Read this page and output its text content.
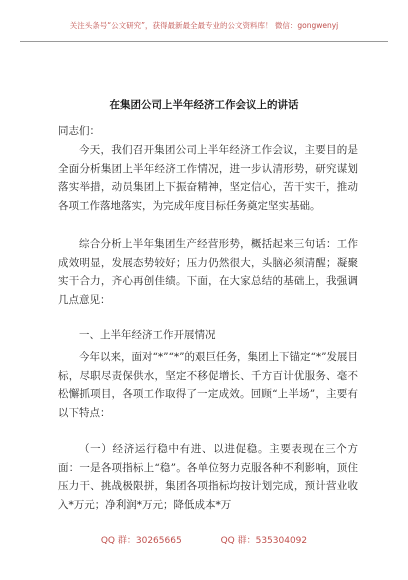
关注头条号“公文研究”，获得最新最全最专业的公文资料库！ 微信：gongwenyj
在集团公司上半年经济工作会议上的讲话
同志们：

今天，我们召开集团公司上半年经济工作会议，主要目的是全面分析集团上半年经济工作情况，进一步认清形势，研究谋划落实举措，动员集团上下振奋精神，坚定信心，苦干实干，推动各项工作落地落实，为完成年度目标任务奠定坚实基础。

综合分析上半年集团生产经营形势，概括起来三句话：工作成效明显，发展态势较好；压力仍然很大，头脑必须清醒；凝聚实干合力，齐心再创佳绩。下面，在大家总结的基础上，我强调几点意见：

一、上半年经济工作开展情况

今年以来，面对“*”“*”的艰巨任务，集团上下锚定“*”发展目标，尽职尽责保供水，坚定不移促增长、千方百计优服务、毫不松懈抓项目，各项工作取得了一定成效。回顾“上半场”，主要有以下特点：

（一）经济运行稳中有进、以进促稳。主要表现在三个方面：一是各项指标上“稳”。各单位努力克服各种不利影响，顶住压力干、挑战极限拼，集团各项指标均按计划完成，预计营业收入*万元；净利润*万元；降低成本*万

QQ 群：30265665	QQ 群：535304092
